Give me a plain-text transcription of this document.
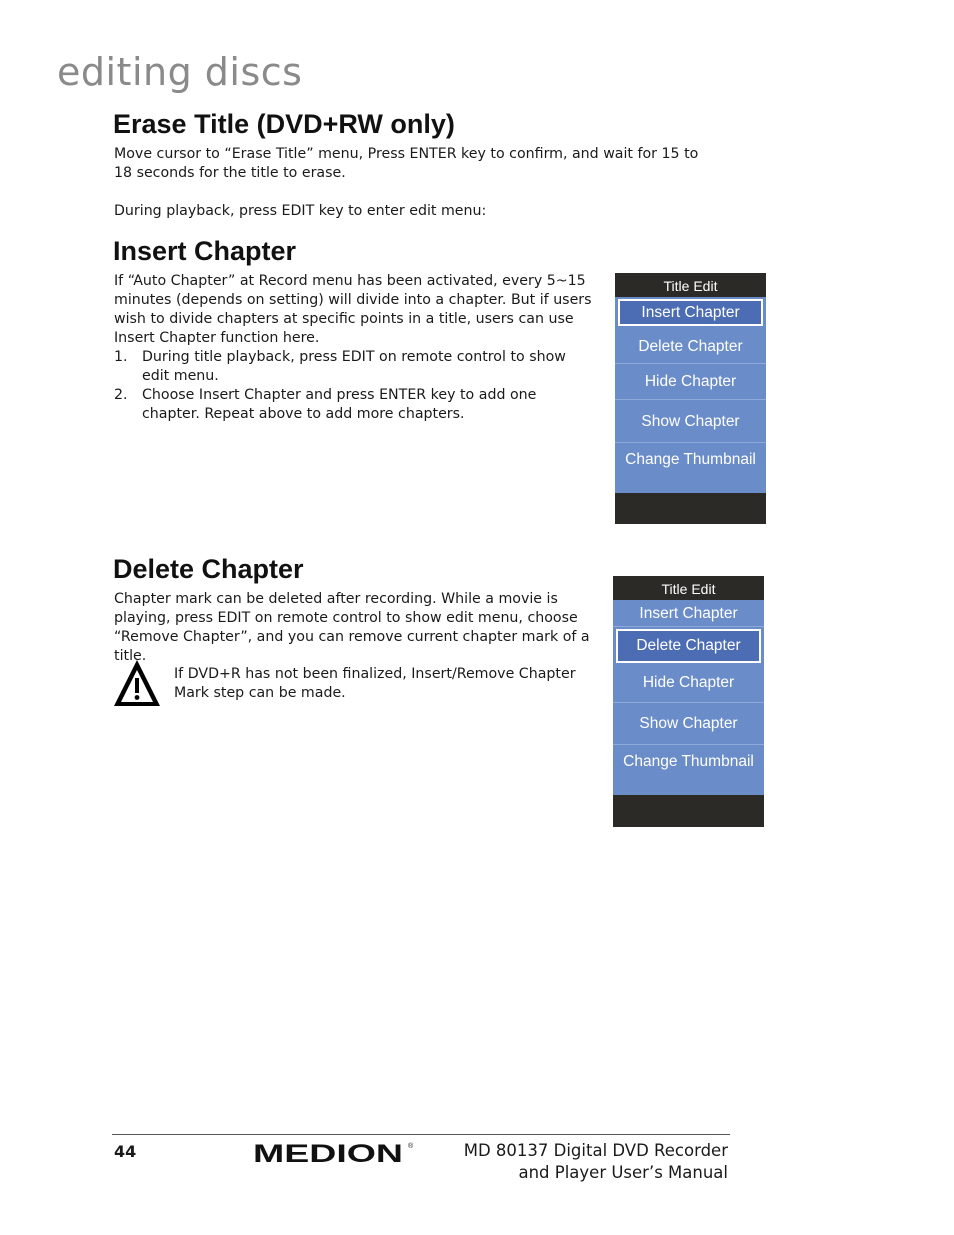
editing discs
Erase Title (DVD+RW only)

Move cursor to “Erase Title” menu, Press ENTER key to confirm, and wait for 15 to 18 seconds for the title to erase.

During playback, press EDIT key to enter edit menu:

Insert Chapter

If “Auto Chapter” at Record menu has been activated, every 5~15 minutes (depends on setting) will divide into a chapter. But if users wish to divide chapters at specific points in a title, users can use Insert Chapter function here.

1. During title playback, press EDIT on remote control to show edit menu.
2. Choose Insert Chapter and press ENTER key to add one chapter. Repeat above to add more chapters.
Title Edit
Insert Chapter
Delete Chapter
Hide Chapter
Show Chapter
Change Thumbnail
Delete Chapter
Chapter mark can be deleted after recording. While a movie is playing, press EDIT on remote control to show edit menu, choose “Remove Chapter”, and you can remove current chapter mark of a title.
If DVD+R has not been finalized, Insert/Remove Chapter Mark step can be made.
Title Edit
Insert Chapter
Delete Chapter
Hide Chapter
Show Chapter
Change Thumbnail
44	MEDION ®	MD 80137 Digital DVD Recorder
and Player User’s Manual
